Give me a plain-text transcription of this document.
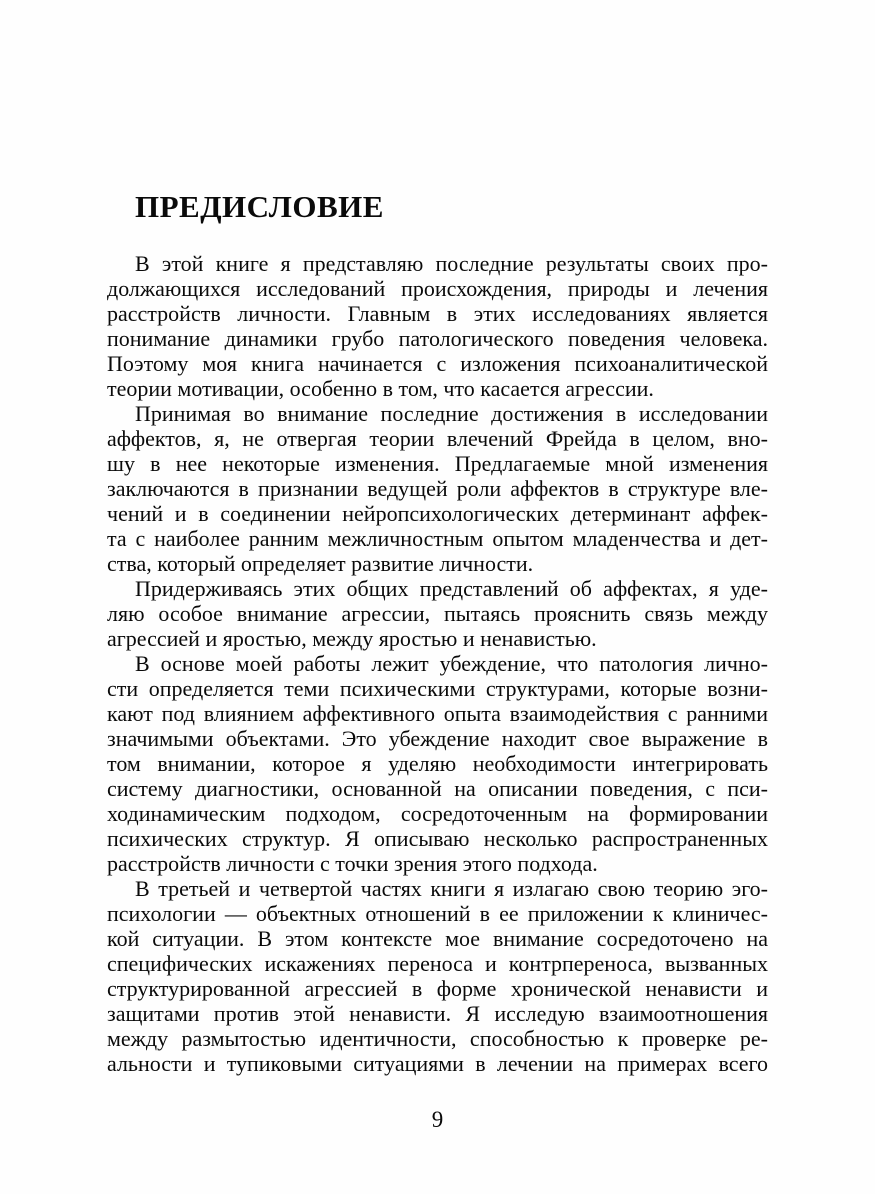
ПРЕДИСЛОВИЕ
В этой книге я представляю последние результаты своих про-
должающихся исследований происхождения, природы и лечения
расстройств личности. Главным в этих исследованиях является
понимание динамики грубо патологического поведения человека.
Поэтому моя книга начинается с изложения психоаналитической
теории мотивации, особенно в том, что касается агрессии.
Принимая во внимание последние достижения в исследовании
аффектов, я, не отвергая теории влечений Фрейда в целом, вно-
шу в нее некоторые изменения. Предлагаемые мной изменения
заключаются в признании ведущей роли аффектов в структуре вле-
чений и в соединении нейропсихологических детерминант аффек-
та с наиболее ранним межличностным опытом младенчества и дет-
ства, который определяет развитие личности.
Придерживаясь этих общих представлений об аффектах, я уде-
ляю особое внимание агрессии, пытаясь прояснить связь между
агрессией и яростью, между яростью и ненавистью.
В основе моей работы лежит убеждение, что патология лично-
сти определяется теми психическими структурами, которые возни-
кают под влиянием аффективного опыта взаимодействия с ранними
значимыми объектами. Это убеждение находит свое выражение в
том внимании, которое я уделяю необходимости интегрировать
систему диагностики, основанной на описании поведения, с пси-
ходинамическим подходом, сосредоточенным на формировании
психических структур. Я описываю несколько распространенных
расстройств личности с точки зрения этого подхода.
В третьей и четвертой частях книги я излагаю свою теорию эго-
психологии — объектных отношений в ее приложении к клиничес-
кой ситуации. В этом контексте мое внимание сосредоточено на
специфических искажениях переноса и контрпереноса, вызванных
структурированной агрессией в форме хронической ненависти и
защитами против этой ненависти. Я исследую взаимоотношения
между размытостью идентичности, способностью к проверке ре-
альности и тупиковыми ситуациями в лечении на примерах всего
9
